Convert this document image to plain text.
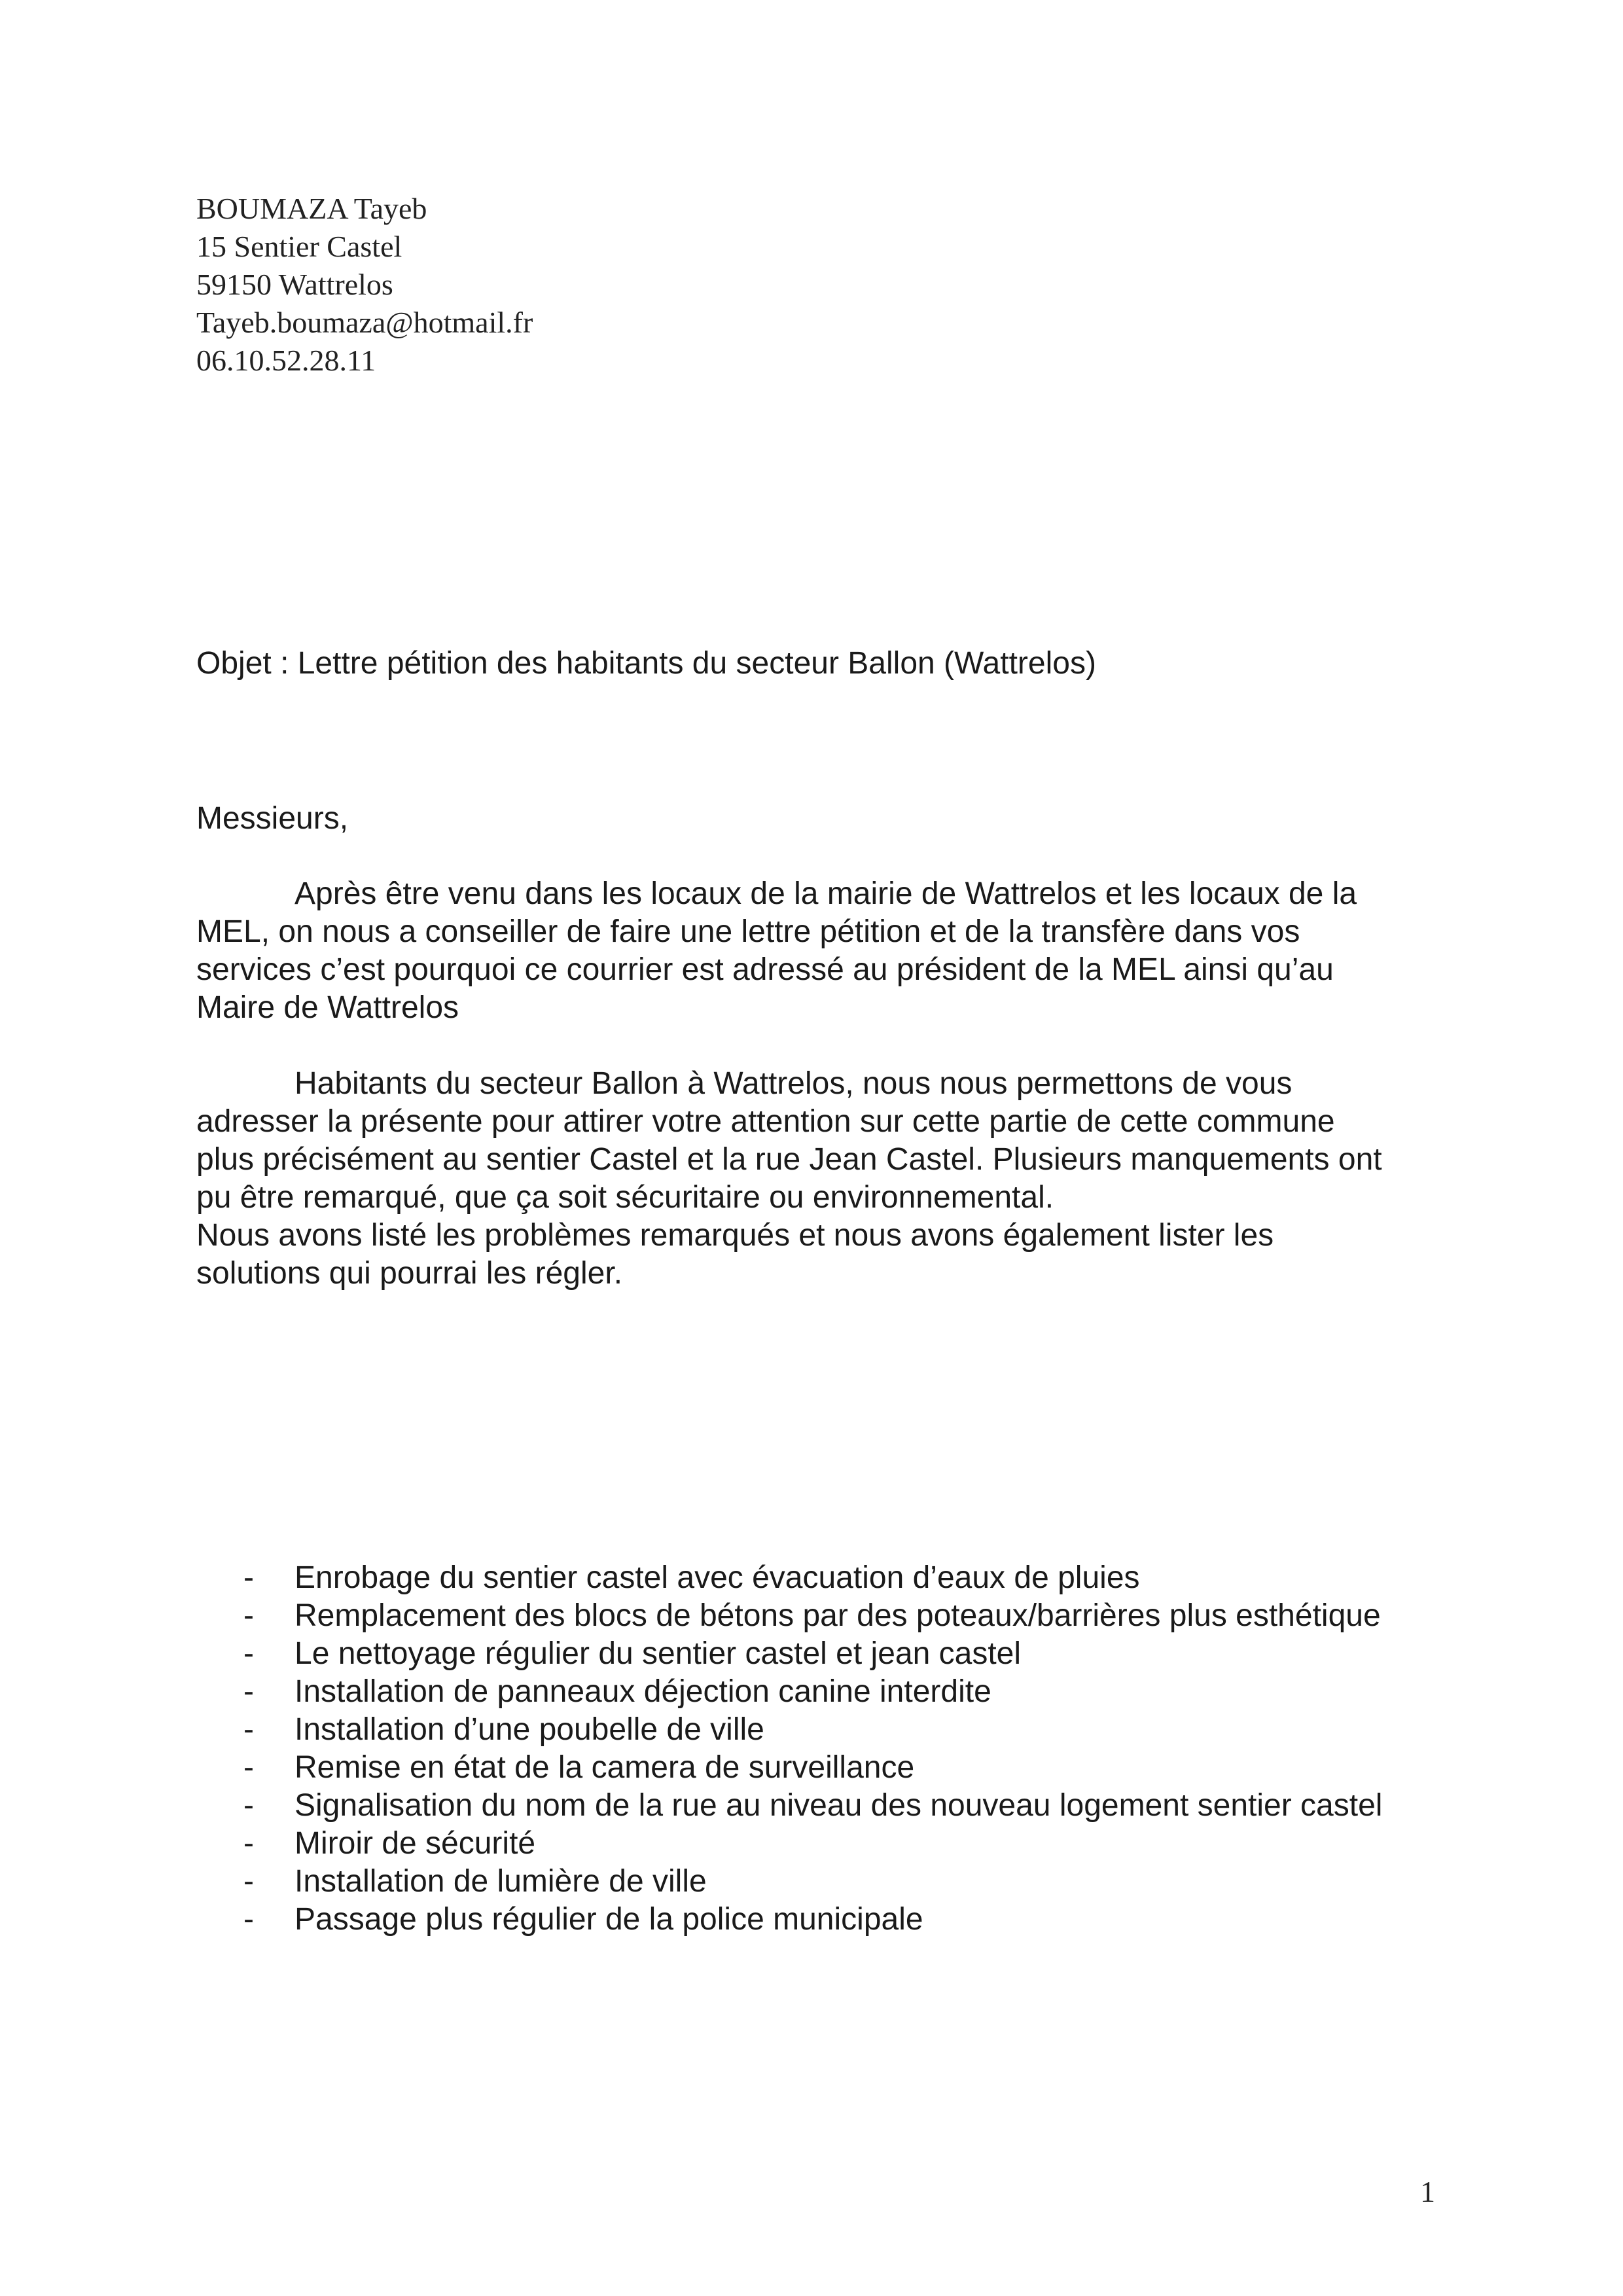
BOUMAZA Tayeb
15 Sentier Castel
59150 Wattrelos
Tayeb.boumaza@hotmail.fr
06.10.52.28.11
Objet : Lettre pétition des habitants du secteur Ballon (Wattrelos)
Messieurs,
Après être venu dans les locaux de la mairie de Wattrelos et les locaux de la
MEL, on nous a conseiller de faire une lettre pétition et de la transfère dans vos
services c’est pourquoi ce courrier est adressé au président de la MEL ainsi qu’au
Maire de Wattrelos
Habitants du secteur Ballon à Wattrelos, nous nous permettons de vous
adresser la présente pour attirer votre attention sur cette partie de cette commune
plus précisément au sentier Castel et la rue Jean Castel. Plusieurs manquements ont
pu être remarqué, que ça soit sécuritaire ou environnemental.
Nous avons listé les problèmes remarqués et nous avons également lister les
solutions qui pourrai les régler.
- Enrobage du sentier castel avec évacuation d’eaux de pluies
- Remplacement des blocs de bétons par des poteaux/barrières plus esthétique
- Le nettoyage régulier du sentier castel et jean castel
- Installation de panneaux déjection canine interdite
- Installation d’une poubelle de ville
- Remise en état de la camera de surveillance
- Signalisation du nom de la rue au niveau des nouveau logement sentier castel
- Miroir de sécurité
- Installation de lumière de ville
- Passage plus régulier de la police municipale
1
